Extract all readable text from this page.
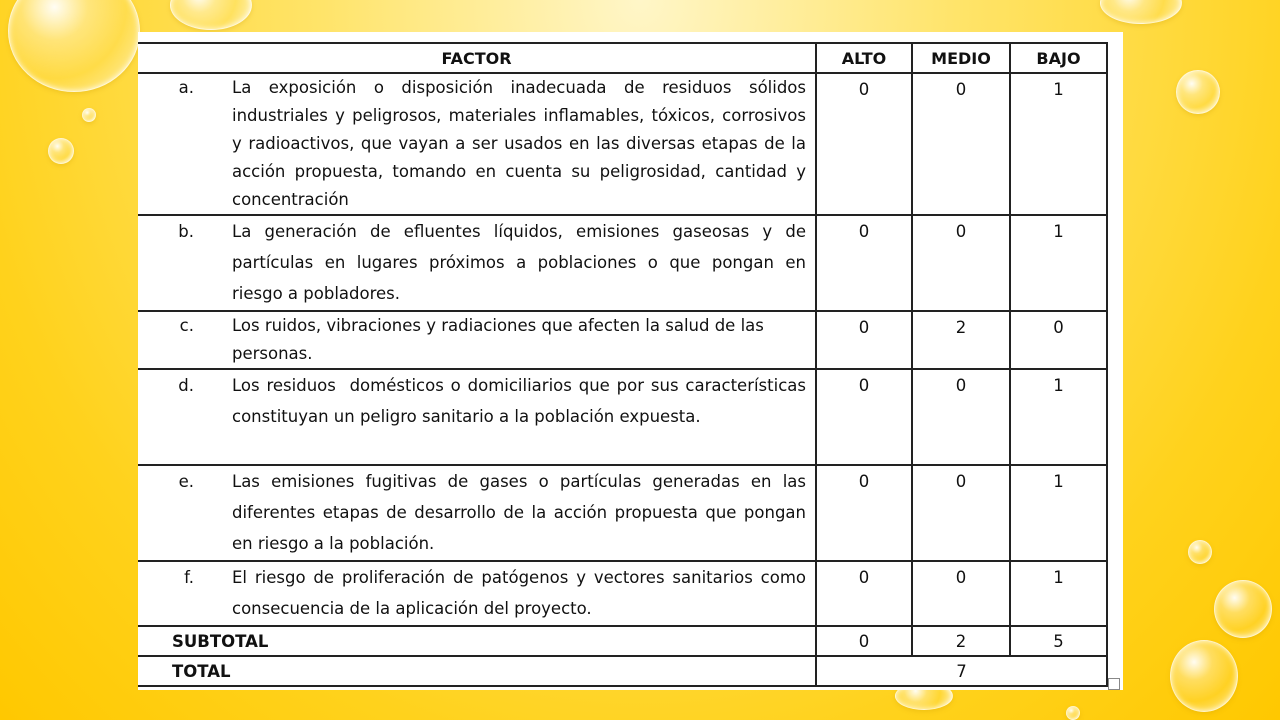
FACTOR	ALTO	MEDIO	BAJO

a. La exposición o disposición inadecuada de residuos sólidos industriales y peligrosos, materiales inflamables, tóxicos, corrosivos y radioactivos, que vayan a ser usados en las diversas etapas de la acción propuesta, tomando en cuenta su peligrosidad, cantidad y concentración	0	0	1

b. La generación de efluentes líquidos, emisiones gaseosas y de partículas en lugares próximos a poblaciones o que pongan en riesgo a pobladores.	0	0	1

c. Los ruidos, vibraciones y radiaciones que afecten la salud de las personas.	0	2	0

d. Los residuos  domésticos o domiciliarios que por sus características constituyan un peligro sanitario a la población expuesta.	0	0	1

e. Las emisiones fugitivas de gases o partículas generadas en las diferentes etapas de desarrollo de la acción propuesta que pongan en riesgo a la población.	0	0	1

f. El riesgo de proliferación de patógenos y vectores sanitarios como consecuencia de la aplicación del proyecto.	0	0	1
SUBTOTAL	0	2	5
TOTAL	7		
